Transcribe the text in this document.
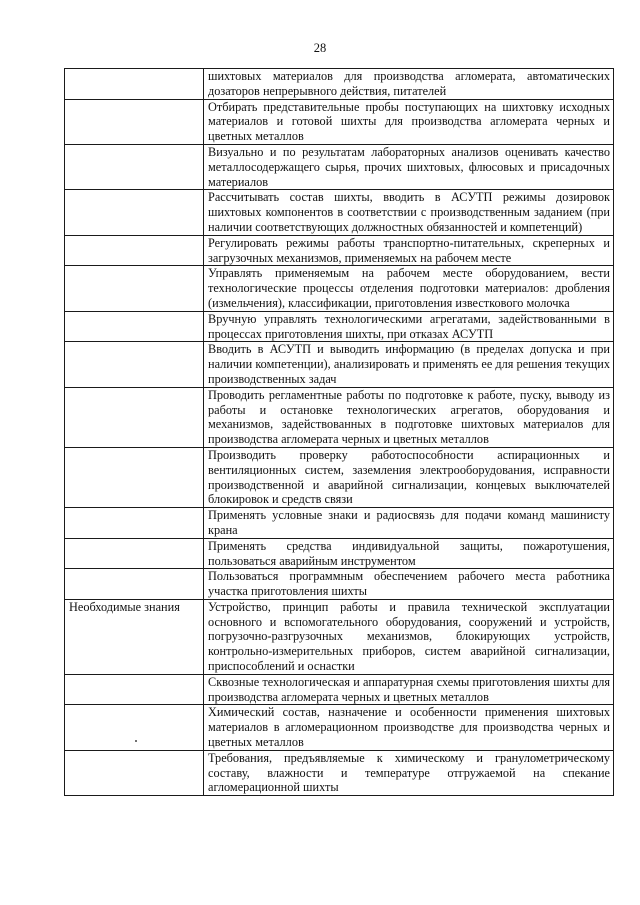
28
	шихтовых материалов для производства агломерата, автоматических дозаторов непрерывного действия, питателей
	Отбирать представительные пробы поступающих на шихтовку исходных материалов и готовой шихты для производства агломерата черных и цветных металлов
	Визуально и по результатам лабораторных анализов оценивать качество металлосодержащего сырья, прочих шихтовых, флюсовых и присадочных материалов
	Рассчитывать состав шихты, вводить в АСУТП режимы дозировок шихтовых компонентов в соответствии с производственным заданием (при наличии соответствующих должностных обязанностей и компетенций)
	Регулировать режимы работы транспортно-питательных, скреперных и загрузочных механизмов, применяемых на рабочем месте
	Управлять применяемым на рабочем месте оборудованием, вести технологические процессы отделения подготовки материалов: дробления (измельчения), классификации, приготовления известкового молочка
	Вручную управлять технологическими агрегатами, задействованными в процессах приготовления шихты, при отказах АСУТП
	Вводить в АСУТП и выводить информацию (в пределах допуска и при наличии компетенции), анализировать и применять ее для решения текущих производственных задач
	Проводить регламентные работы по подготовке к работе, пуску, выводу из работы и остановке технологических агрегатов, оборудования и механизмов, задействованных в подготовке шихтовых материалов для производства агломерата черных и цветных металлов
	Производить проверку работоспособности аспирационных и вентиляционных систем, заземления электрооборудования, исправности производственной и аварийной сигнализации, концевых выключателей блокировок и средств связи
	Применять условные знаки и радиосвязь для подачи команд машинисту крана
	Применять средства индивидуальной защиты, пожаротушения, пользоваться аварийным инструментом
	Пользоваться программным обеспечением рабочего места работника участка приготовления шихты
Необходимые знания	Устройство, принцип работы и правила технической эксплуатации основного и вспомогательного оборудования, сооружений и устройств, погрузочно-разгрузочных механизмов, блокирующих устройств, контрольно-измерительных приборов, систем аварийной сигнализации, приспособлений и оснастки
	Сквозные технологическая и аппаратурная схемы приготовления шихты для производства агломерата черных и цветных металлов
	Химический состав, назначение и особенности применения шихтовых материалов в агломерационном производстве для производства черных и цветных металлов
	Требования, предъявляемые к химическому и гранулометрическому составу, влажности и температуре отгружаемой на спекание агломерационной шихты
